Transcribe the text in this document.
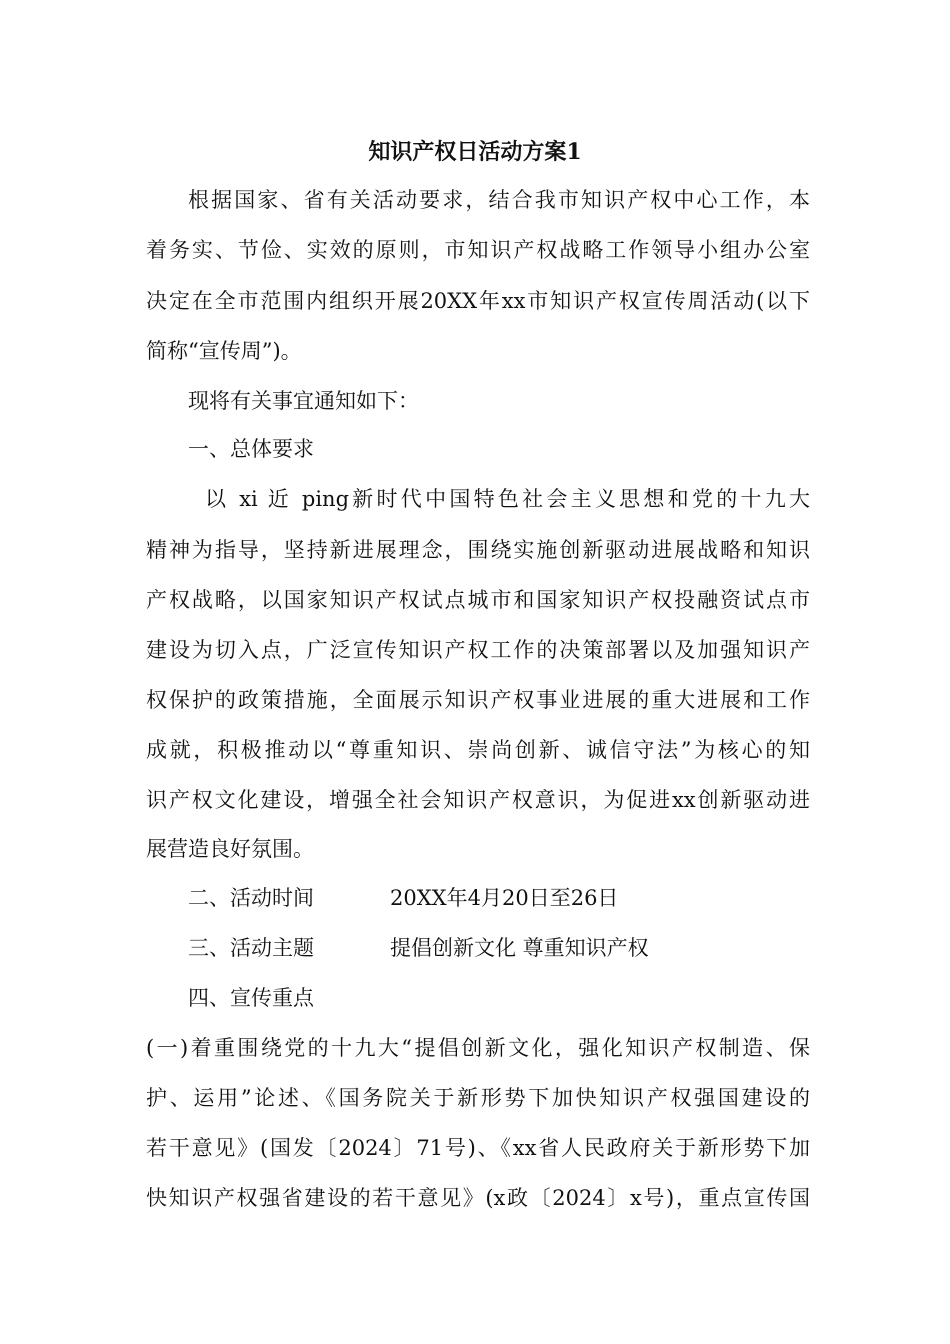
知识产权日活动方案1
根据国家、省有关活动要求，结合我市知识产权中心工作，本
着务实、节俭、实效的原则，市知识产权战略工作领导小组办公室
决定在全市范围内组织开展20XX年xx市知识产权宣传周活动(以下
简称“宣传周”)。
现将有关事宜通知如下：
一、总体要求
以 xi 近 ping新时代中国特色社会主义思想和党的十九大
精神为指导，坚持新进展理念，围绕实施创新驱动进展战略和知识
产权战略，以国家知识产权试点城市和国家知识产权投融资试点市
建设为切入点，广泛宣传知识产权工作的决策部署以及加强知识产
权保护的政策措施，全面展示知识产权事业进展的重大进展和工作
成就，积极推动以“尊重知识、崇尚创新、诚信守法”为核心的知
识产权文化建设，增强全社会知识产权意识，为促进xx创新驱动进
展营造良好氛围。
二、活动时间	20XX年4月20日至26日
三、活动主题	提倡创新文化 尊重知识产权
四、宣传重点
(一)着重围绕党的十九大“提倡创新文化，强化知识产权制造、保
护、运用”论述、《国务院关于新形势下加快知识产权强国建设的
若干意见》(国发〔2024〕71号)、《xx省人民政府关于新形势下加
快知识产权强省建设的若干意见》(x政〔2024〕x号)，重点宣传国
